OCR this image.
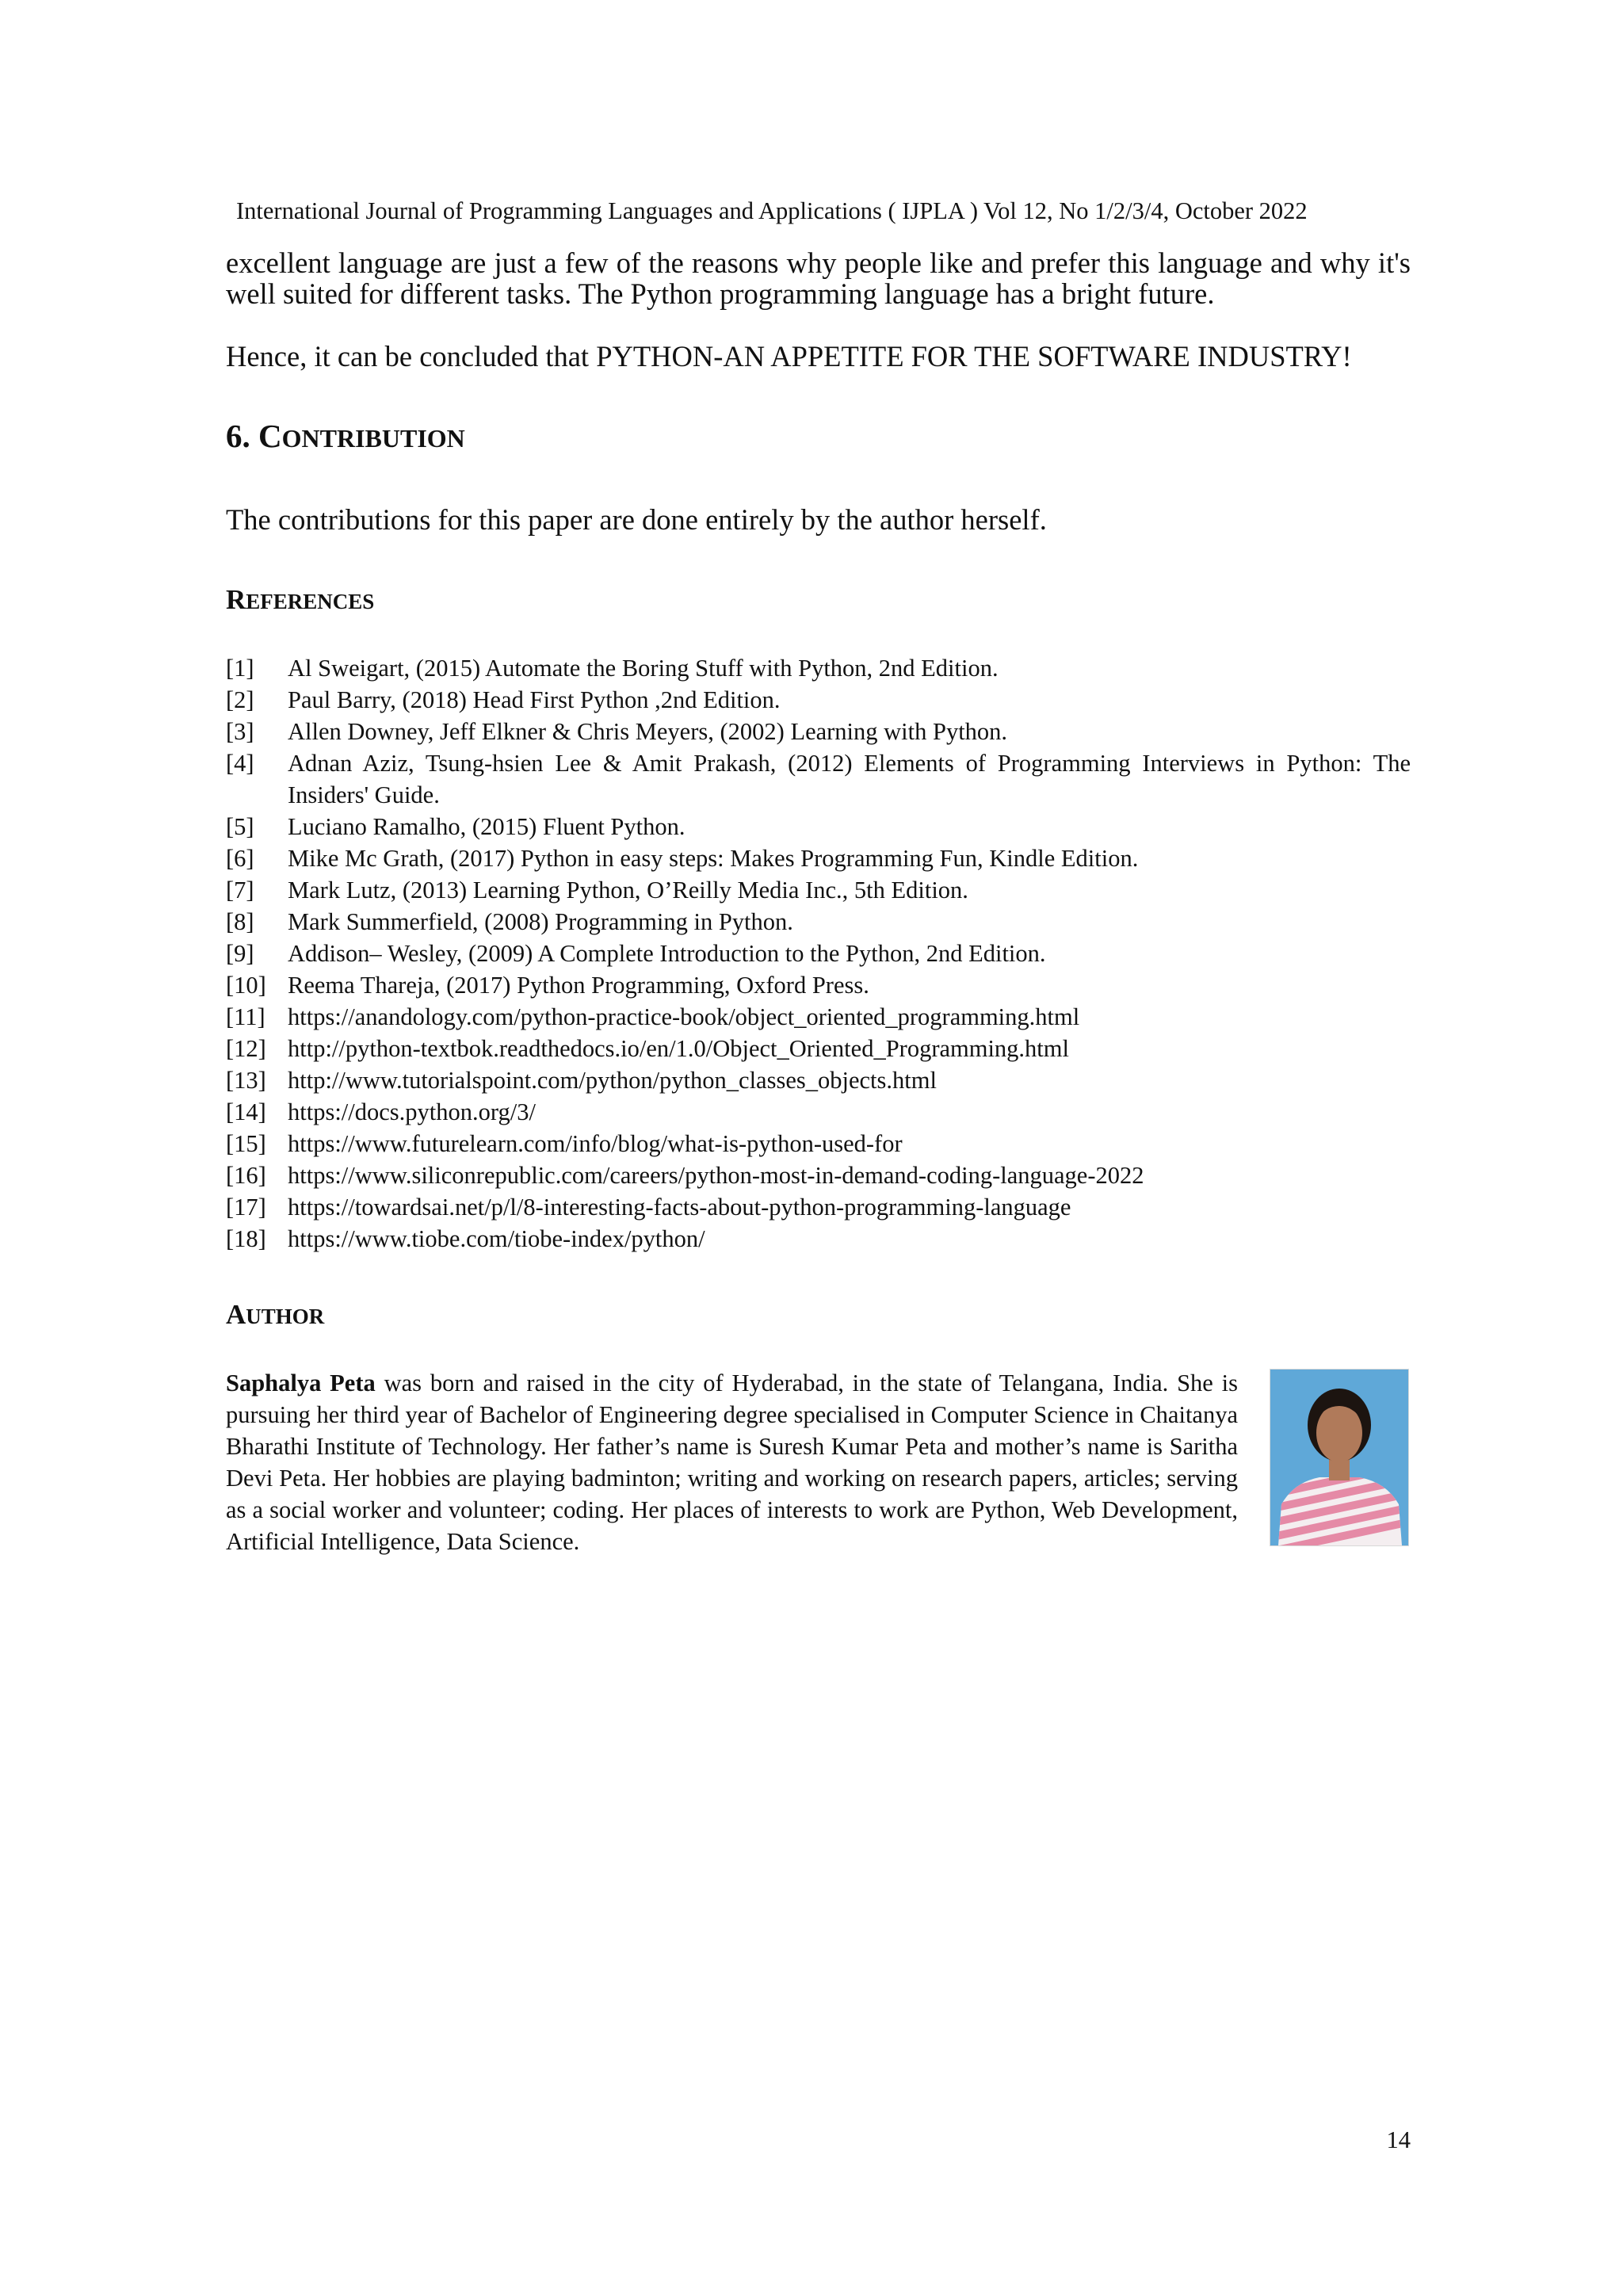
International Journal of Programming Languages and Applications ( IJPLA ) Vol 12, No 1/2/3/4, October 2022

excellent language are just a few of the reasons why people like and prefer this language and why it's well suited for different tasks. The Python programming language has a bright future.

Hence, it can be concluded that PYTHON-AN APPETITE FOR THE SOFTWARE INDUSTRY!

6. CONTRIBUTION

The contributions for this paper are done entirely by the author herself.

REFERENCES
[1]	Al Sweigart, (2015) Automate the Boring Stuff with Python, 2nd Edition.
[2]	Paul Barry, (2018) Head First Python ,2nd Edition.
[3]	Allen Downey, Jeff Elkner & Chris Meyers, (2002) Learning with Python.
[4]	Adnan Aziz, Tsung-hsien Lee & Amit Prakash, (2012) Elements of Programming Interviews in Python: The Insiders' Guide.
[5]	Luciano Ramalho, (2015) Fluent Python.
[6]	Mike Mc Grath, (2017) Python in easy steps: Makes Programming Fun, Kindle Edition.
[7]	Mark Lutz, (2013) Learning Python, O’Reilly Media Inc., 5th Edition.
[8]	Mark Summerfield, (2008) Programming in Python.
[9]	Addison– Wesley, (2009) A Complete Introduction to the Python, 2nd Edition.
[10] Reema Thareja, (2017) Python Programming, Oxford Press.
[11] https://anandology.com/python-practice-book/object_oriented_programming.html
[12] http://python-textbok.readthedocs.io/en/1.0/Object_Oriented_Programming.html
[13] http://www.tutorialspoint.com/python/python_classes_objects.html
[14] https://docs.python.org/3/
[15] https://www.futurelearn.com/info/blog/what-is-python-used-for
[16] https://www.siliconrepublic.com/careers/python-most-in-demand-coding-language-2022
[17] https://towardsai.net/p/l/8-interesting-facts-about-python-programming-language
[18] https://www.tiobe.com/tiobe-index/python/
AUTHOR

Saphalya Peta was born and raised in the city of Hyderabad, in the state of Telangana, India. She is pursuing her third year of Bachelor of Engineering degree specialised in Computer Science in Chaitanya Bharathi Institute of Technology. Her father’s name is Suresh Kumar Peta and mother’s name is Saritha Devi Peta. Her hobbies are playing badminton; writing and working on research papers, articles; serving as a social worker and volunteer; coding. Her places of interests to work are Python, Web Development, Artificial Intelligence, Data Science.

14
